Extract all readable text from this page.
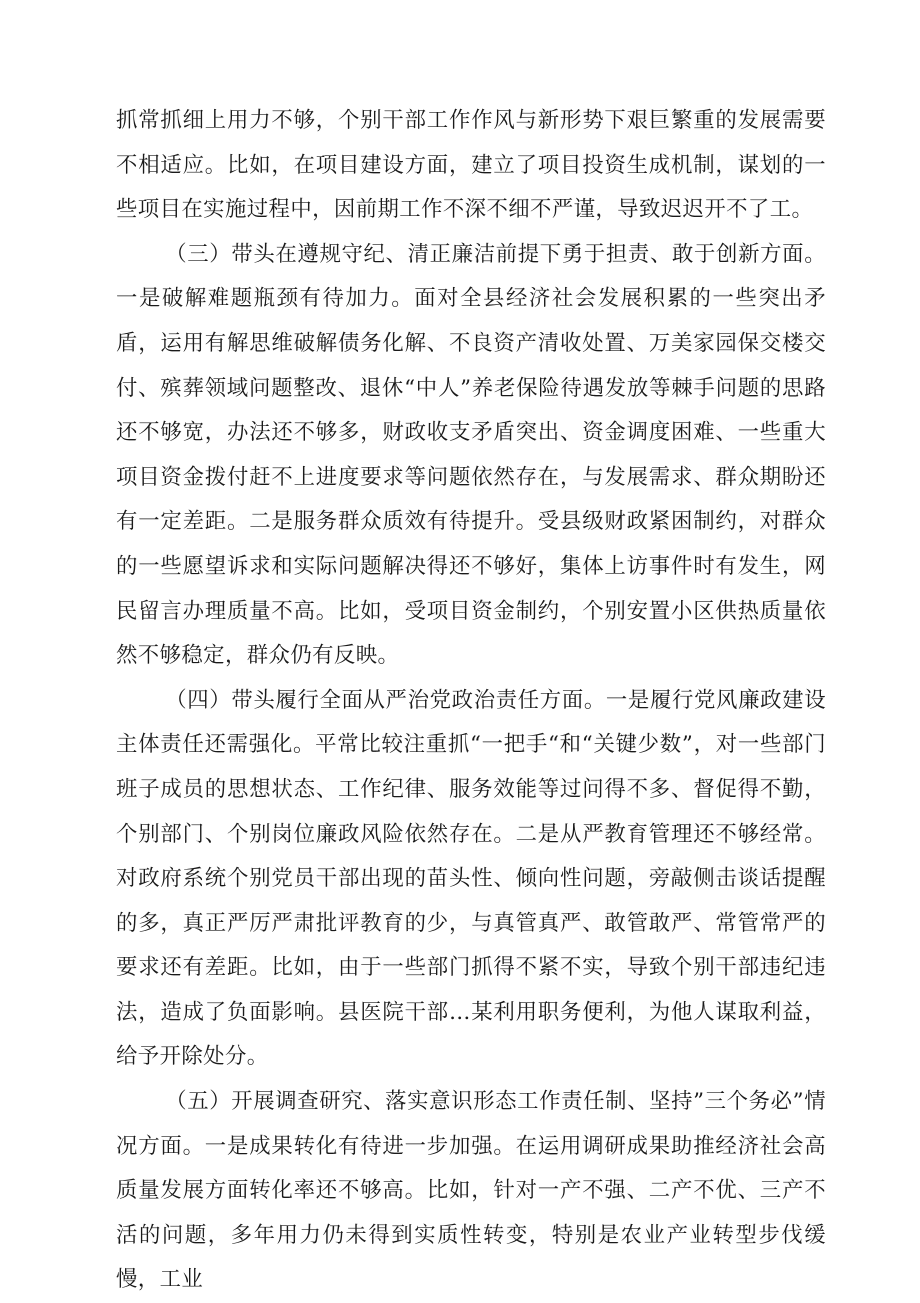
抓常抓细上用力不够，个别干部工作作风与新形势下艰巨繁重的发展需要不相适应。比如，在项目建设方面，建立了项目投资生成机制，谋划的一些项目在实施过程中，因前期工作不深不细不严谨，导致迟迟开不了工。

（三）带头在遵规守纪、清正廉洁前提下勇于担责、敢于创新方面。一是破解难题瓶颈有待加力。面对全县经济社会发展积累的一些突出矛盾，运用有解思维破解债务化解、不良资产清收处置、万美家园保交楼交付、殡葬领域问题整改、退休“中人”养老保险待遇发放等棘手问题的思路还不够宽，办法还不够多，财政收支矛盾突出、资金调度困难、一些重大项目资金拨付赶不上进度要求等问题依然存在，与发展需求、群众期盼还有一定差距。二是服务群众质效有待提升。受县级财政紧困制约，对群众的一些愿望诉求和实际问题解决得还不够好，集体上访事件时有发生，网民留言办理质量不高。比如，受项目资金制约，个别安置小区供热质量依然不够稳定，群众仍有反映。

（四）带头履行全面从严治党政治责任方面。一是履行党风廉政建设主体责任还需强化。平常比较注重抓“一把手“和“关键少数”，对一些部门班子成员的思想状态、工作纪律、服务效能等过问得不多、督促得不勤，个别部门、个别岗位廉政风险依然存在。二是从严教育管理还不够经常。对政府系统个别党员干部出现的苗头性、倾向性问题，旁敲侧击谈话提醒的多，真正严厉严肃批评教育的少，与真管真严、敢管敢严、常管常严的要求还有差距。比如，由于一些部门抓得不紧不实，导致个别干部违纪违法，造成了负面影响。县医院干部…某利用职务便利，为他人谋取利益，给予开除处分。

（五）开展调查研究、落实意识形态工作责任制、坚持”三个务必”情况方面。一是成果转化有待进一步加强。在运用调研成果助推经济社会高质量发展方面转化率还不够高。比如，针对一产不强、二产不优、三产不活的问题，多年用力仍未得到实质性转变，特别是农业产业转型步伐缓慢，工业
